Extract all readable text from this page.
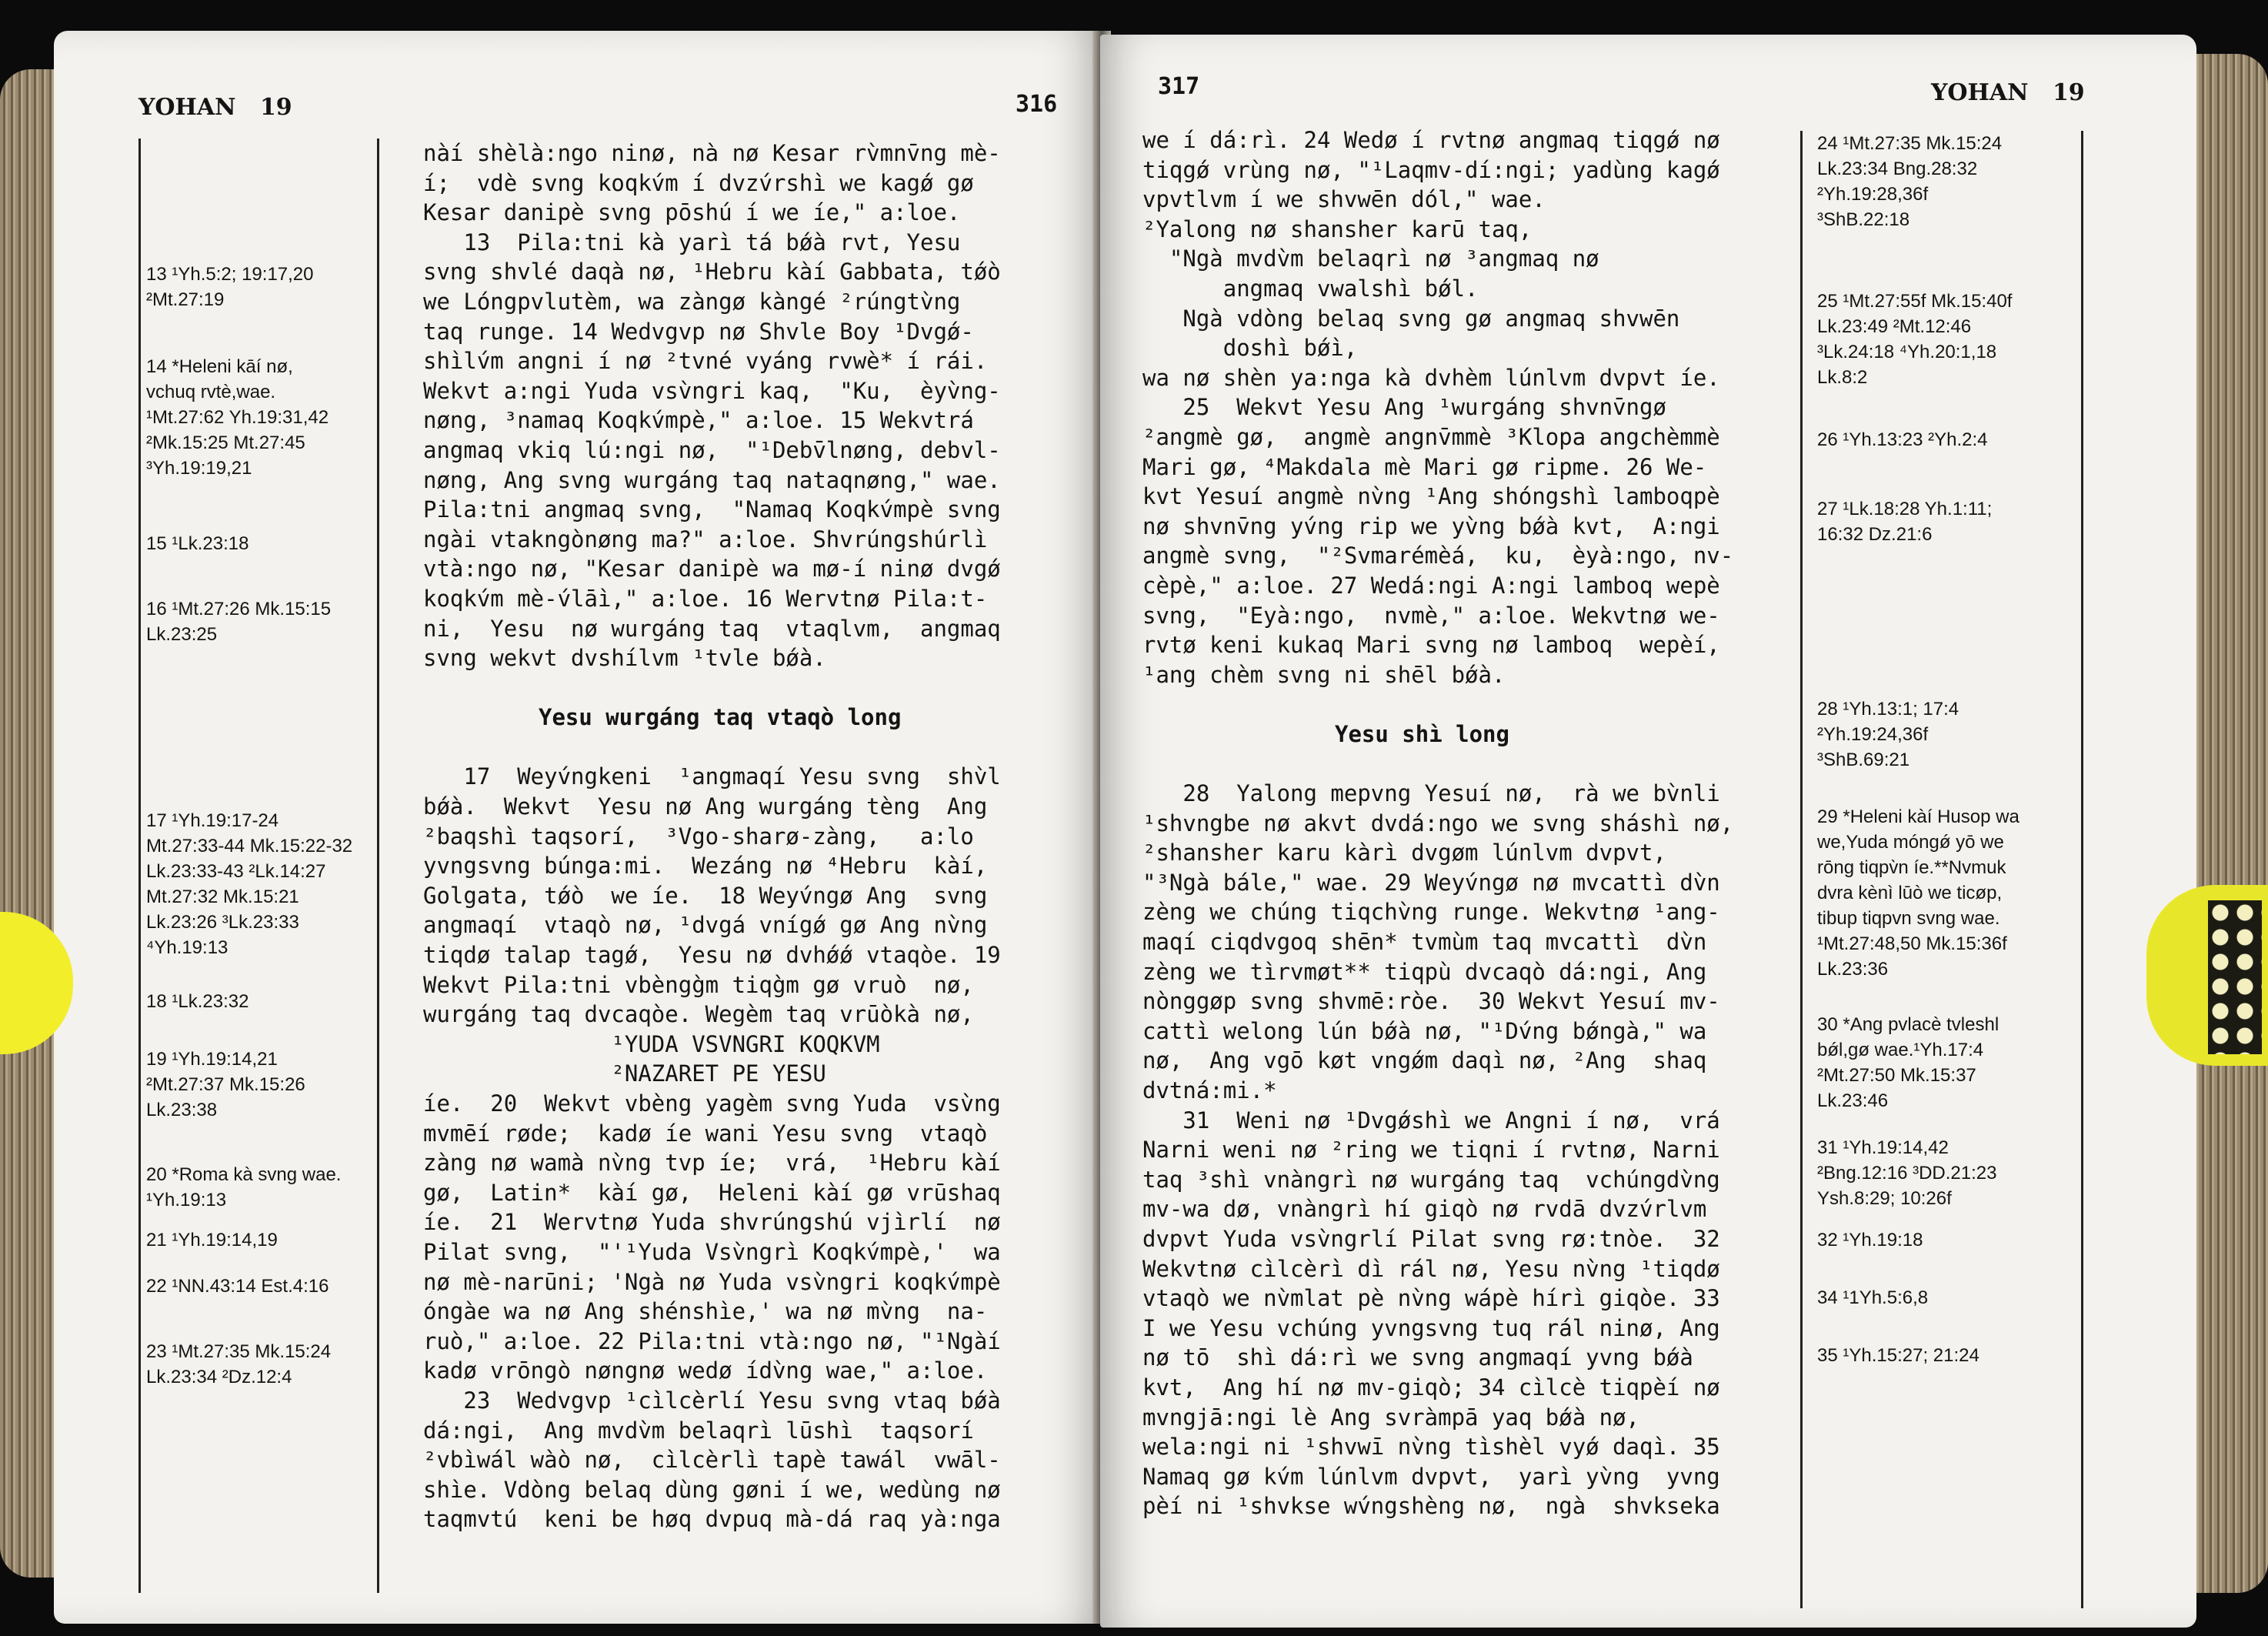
YOHAN 19	316
13 ¹Yh.5:2; 19:17,20
²Mt.27:19
14 *Heleni kāí nø,
vchuq rvtè,wae.
¹Mt.27:62 Yh.19:31,42
²Mk.15:25 Mt.27:45
³Yh.19:19,21
15 ¹Lk.23:18
16 ¹Mt.27:26 Mk.15:15
Lk.23:25
17 ¹Yh.19:17-24
Mt.27:33-44 Mk.15:22-32
Lk.23:33-43 ²Lk.14:27
Mt.27:32 Mk.15:21
Lk.23:26 ³Lk.23:33
⁴Yh.19:13
18 ¹Lk.23:32
19 ¹Yh.19:14,21
²Mt.27:37 Mk.15:26
Lk.23:38
20 *Roma kà svng wae.
¹Yh.19:13
21 ¹Yh.19:14,19
22 ¹NN.43:14 Est.4:16
23 ¹Mt.27:35 Mk.15:24
Lk.23:34 ²Dz.12:4
nàí shèlà:ngo ninø, nà nø Kesar rv̀mnv̄ng mè-
í;  vdè svng koqkv́m í dvzv́rshì we kagǿ gø
Kesar danipè svng pōshú í we íe," a:loe.
13  Pila:tni kà yarì tá bǿà rvt, Yesu
svng shvlé daqà nø, ¹Hebru kàí Gabbata, tǿò
we Lóngpvlutèm, wa zàngø kàngé ²rúngtv̀ng
taq runge. 14 Wedvgvp nø Shvle Boy ¹Dvgǿ-
shìlv́m angni í nø ²tvné vyáng rvwè* í rái.
Wekvt a:ngi Yuda vsv̀ngri kaq,  "Ku,  èyv̀ng-
nøng, ³namaq Koqkv́mpè," a:loe. 15 Wekvtrá
angmaq vkiq lú:ngi nø,  "¹Debv̄lnøng, debvl-
nøng, Ang svng wurgáng taq nataqnøng," wae.
Pila:tni angmaq svng,  "Namaq Koqkv́mpè svng
ngài vtakngònøng ma?" a:loe. Shvrúngshúrlì
vtà:ngo nø, "Kesar danipè wa mø-í ninø dvgǿ
koqkv́m mè-v́lāì," a:loe. 16 Wervtnø Pila:t-
ni,  Yesu  nø wurgáng taq  vtaqlvm,  angmaq
svng wekvt dvshílvm ¹tvle bǿà.
Yesu wurgáng taq vtaqò long
17  Weyv́ngkeni  ¹angmaqí Yesu svng  shv̀l
bǿà.  Wekvt  Yesu nø Ang wurgáng tèng  Ang
²baqshì taqsorí,  ³Vgo-sharø-zàng,   a:lo
yvngsvng búnga:mi.  Wezáng nø ⁴Hebru  kàí,
Golgata, tǿò  we íe.  18 Weyv́ngø Ang  svng
angmaqí  vtaqò nø, ¹dvgá vnígǿ gø Ang nv̀ng
tiqdø talap tagǿ,  Yesu nø dvhǿǿ vtaqòe. 19
Wekvt Pila:tni vbèngg̀m tiqg̀m gø vruò  nø,
wurgáng taq dvcaqòe. Wegèm taq vrūòkà nø,
¹YUDA VSVNGRI KOQKVM
²NAZARET PE YESU
íe.  20  Wekvt vbèng yagèm svng Yuda  vsv̀ng
mvmēí røde;  kadø íe wani Yesu svng  vtaqò
zàng nø wamà nv̀ng tvp íe;  vrá,  ¹Hebru kàí
gø,  Latin*  kàí gø,  Heleni kàí gø vrūshaq
íe.  21  Wervtnø Yuda shvrúngshú vjìrlí  nø
Pilat svng,  "'¹Yuda Vsv̀ngrì Koqkv́mpè,'  wa
nø mè-narūni; 'Ngà nø Yuda vsv̀ngri koqkv́mpè
óngàe wa nø Ang shénshìe,' wa nø mv̀ng  na-
ruò," a:loe. 22 Pila:tni vtà:ngo nø, "¹Ngàí
kadø vrōngò nøngnø wedø ídv̀ng wae," a:loe.
23  Wedvgvp ¹cìlcèrlí Yesu svng vtaq bǿà
dá:ngi,  Ang mvdv̀m belaqrì lūshì  taqsorí
²vbìwál wàò nø,  cìlcèrlì tapè tawál  vwāl-
shìe. Vdòng belaq dùng gøni í we, wedùng nø
taqmvtú  keni be høq dvpuq mà-dá raq yà:nga
317	YOHAN 19
we í dá:rì. 24 Wedø í rvtnø angmaq tiqgǿ nø
tiqgǿ vrùng nø, "¹Laqmv-dí:ngi; yadùng kagǿ
vpvtlvm í we shvwēn dól," wae.
²Yalong nø shansher karū taq,
"Ngà mvdv̀m belaqrì nø ³angmaq nø
angmaq vwalshì bǿl.
Ngà vdòng belaq svng gø angmaq shvwēn
doshì bǿì,
wa nø shèn ya:nga kà dvhèm lúnlvm dvpvt íe.
25  Wekvt Yesu Ang ¹wurgáng shvnv̄ngø
²angmè gø,  angmè angnv̄mmè ³Klopa angchèmmè
Mari gø, ⁴Makdala mè Mari gø ripme. 26 We-
kvt Yesuí angmè nv̀ng ¹Ang shóngshì lamboqpè
nø shvnv̄ng yv́ng rip we yv̀ng bǿà kvt,  A:ngi
angmè svng,  "²Svmarémèá,  ku,  èyà:ngo, nv-
cèpè," a:loe. 27 Wedá:ngi A:ngi lamboq wepè
svng,  "Eyà:ngo,  nvmè," a:loe. Wekvtnø we-
rvtø keni kukaq Mari svng nø lamboq  wepèí,
¹ang chèm svng ni shēl bǿà.
Yesu shì long
28  Yalong mepvng Yesuí nø,  rà we bv̀nli
¹shvngbe nø akvt dvdá:ngo we svng sháshì nø,
²shansher karu kàrì dvgøm lúnlvm dvpvt,
"³Ngà bále," wae. 29 Weyv́ngø nø mvcattì dv̀n
zèng we chúng tiqchv̀ng runge. Wekvtnø ¹ang-
maqí ciqdvgoq shēn* tvmùm taq mvcattì  dv̀n
zèng we tìrvmøt** tiqpù dvcaqò dá:ngi, Ang
nònggøp svng shvmē:ròe.  30 Wekvt Yesuí mv-
cattì welong lún bǿà nø, "¹Dv́ng bǿngà," wa
nø,  Ang vgō køt vngǿm daqì nø, ²Ang  shaq
dvtná:mi.*
31  Weni nø ¹Dvgǿshì we Angni í nø,  vrá
Narni weni nø ²ring we tiqni í rvtnø, Narni
taq ³shì vnàngrì nø wurgáng taq  vchúngdv̀ng
mv-wa dø, vnàngrì hí giqò nø rvdā dvzv́rlvm
dvpvt Yuda vsv̀ngrlí Pilat svng rø:tnòe.  32
Wekvtnø cìlcèrì dì rál nø, Yesu nv̀ng ¹tiqdø
vtaqò we nv̀mlat pè nv̀ng wápè hírì giqòe. 33
I we Yesu vchúng yvngsvng tuq rál ninø, Ang
nø tō  shì dá:rì we svng angmaqí yvng bǿà
kvt,  Ang hí nø mv-giqò; 34 cìlcè tiqpèí nø
mvngjā:ngi lè Ang svràmpā yaq bǿà nø,
wela:ngi ni ¹shvwī nv̀ng tìshèl vyǿ daqì. 35
Namaq gø kv́m lúnlvm dvpvt,  yarì yv̀ng  yvng
pèí ni ¹shvkse wv́ngshèng nø,  ngà  shvkseka
24 ¹Mt.27:35 Mk.15:24
Lk.23:34 Bng.28:32
²Yh.19:28,36f
³ShB.22:18
25 ¹Mt.27:55f Mk.15:40f
Lk.23:49 ²Mt.12:46
³Lk.24:18 ⁴Yh.20:1,18
Lk.8:2
26 ¹Yh.13:23 ²Yh.2:4
27 ¹Lk.18:28 Yh.1:11;
16:32 Dz.21:6
28 ¹Yh.13:1; 17:4
²Yh.19:24,36f
³ShB.69:21
29 *Heleni kàí Husop wa
we,Yuda móngǿ yō we
rōng tiqpv̀n íe.**Nvmuk
dvra kènì lūò we ticøp,
tibup tiqpvn svng wae.
¹Mt.27:48,50 Mk.15:36f
Lk.23:36
30 *Ang pvlacè tvleshl
bǿl,gø wae.¹Yh.17:4
²Mt.27:50 Mk.15:37
Lk.23:46
31 ¹Yh.19:14,42
²Bng.12:16 ³DD.21:23
Ysh.8:29; 10:26f
32 ¹Yh.19:18
34 ¹1Yh.5:6,8
35 ¹Yh.15:27; 21:24
